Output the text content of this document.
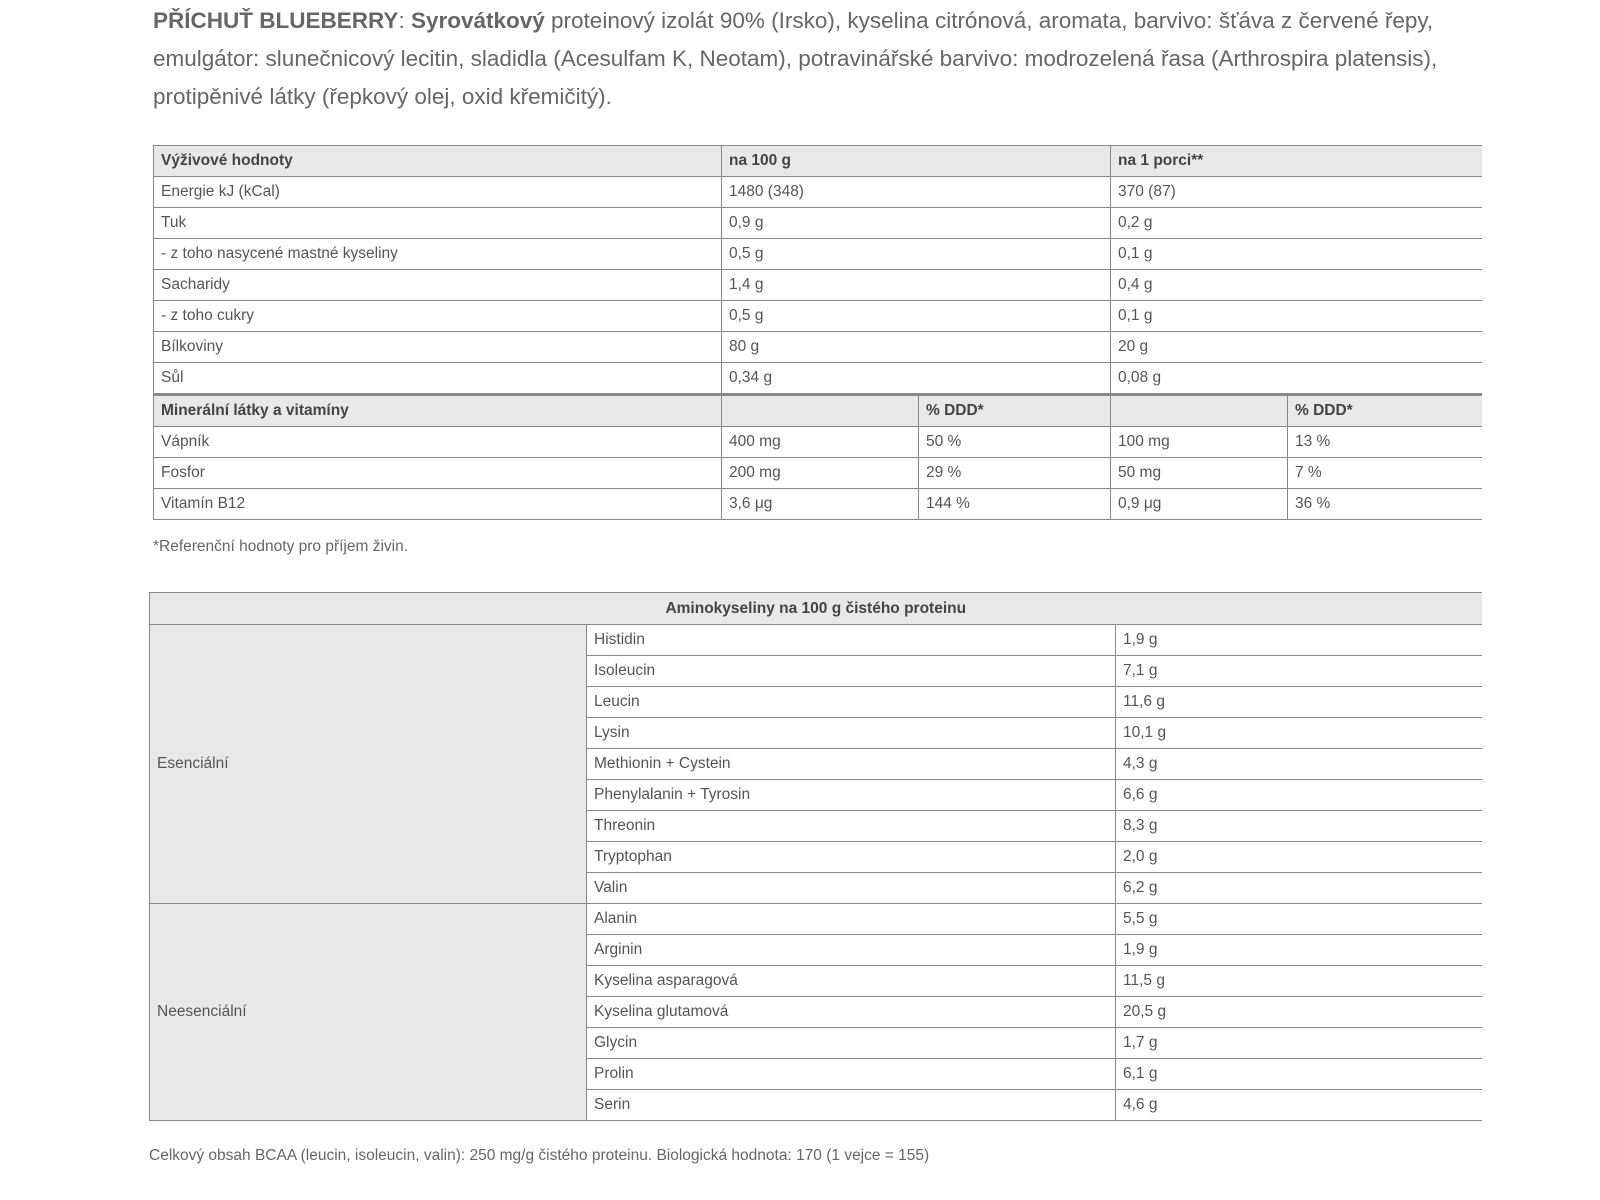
PŘÍCHUŤ BLUEBERRY: Syrovátkový proteinový izolát 90% (Irsko), kyselina citrónová, aromata, barvivo: šťáva z červené řepy, emulgátor: slunečnicový lecitin, sladidla (Acesulfam K, Neotam), potravinářské barvivo: modrozelená řasa (Arthrospira platensis), protipěnivé látky (řepkový olej, oxid křemičitý).
Výživové hodnoty	na 100 g		na 1 porci**	
Energie kJ (kCal)	1480 (348)		370 (87)	
Tuk	0,9 g		0,2 g	
- z toho nasycené mastné kyseliny	0,5 g		0,1 g	
Sacharidy	1,4 g		0,4 g	
- z toho cukry	0,5 g		0,1 g	
Bílkoviny	80 g		20 g	
Sůl	0,34 g		0,08 g	
Minerální látky a vitamíny		% DDD*		% DDD*
Vápník	400 mg	50 %	100 mg	13 %
Fosfor	200 mg	29 %	50 mg	7 %
Vitamín B12	3,6 μg	144 %	0,9 μg	36 %
*Referenční hodnoty pro příjem živin.
Aminokyseliny na 100 g čistého proteinu		
Esenciální	Histidin	1,9 g
	Isoleucin	7,1 g
	Leucin	11,6 g
	Lysin	10,1 g
	Methionin + Cystein	4,3 g
	Phenylalanin + Tyrosin	6,6 g
	Threonin	8,3 g
	Tryptophan	2,0 g
	Valin	6,2 g
Neesenciální	Alanin	5,5 g
	Arginin	1,9 g
	Kyselina asparagová	11,5 g
	Kyselina glutamová	20,5 g
	Glycin	1,7 g
	Prolin	6,1 g
	Serin	4,6 g
Celkový obsah BCAA (leucin, isoleucin, valin): 250 mg/g čistého proteinu. Biologická hodnota: 170 (1 vejce = 155)
